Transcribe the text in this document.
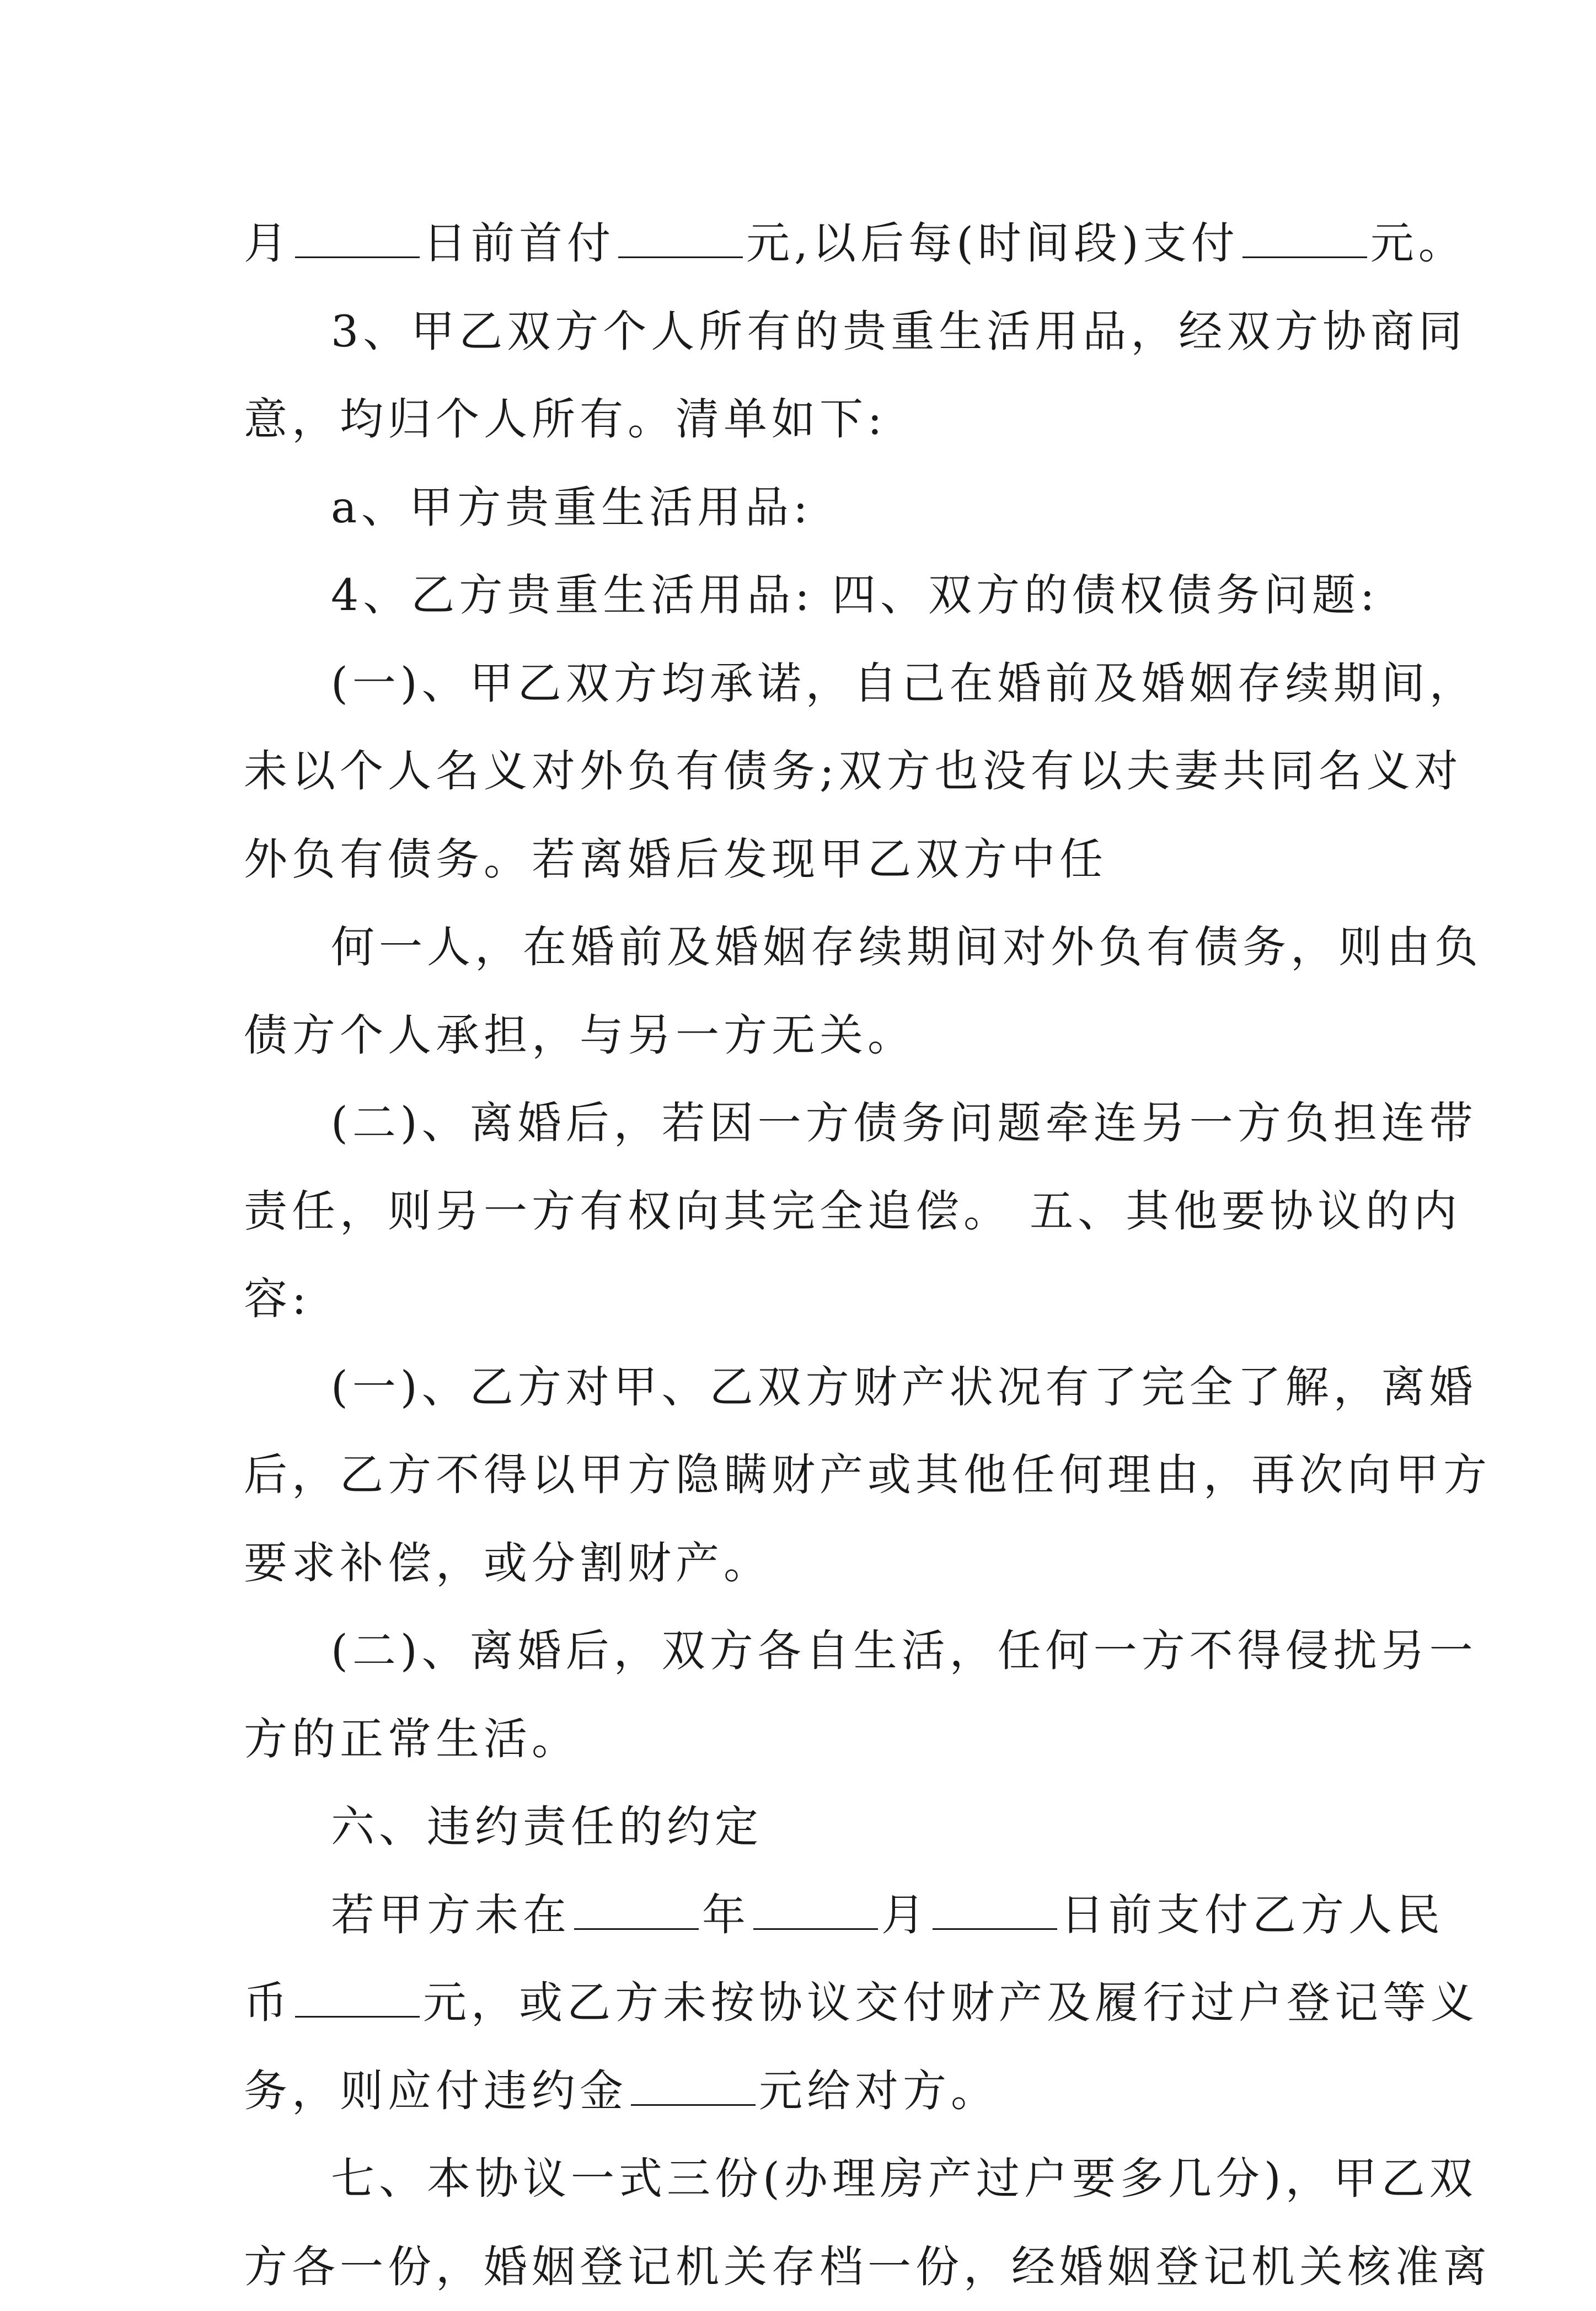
月	日前首付	元,以后每(时间段)支付	元。
3、甲乙双方个人所有的贵重生活用品，经双方协商同
意，均归个人所有。清单如下:
a、甲方贵重生活用品:
4、乙方贵重生活用品: 四、双方的债权债务问题:
(一)、甲乙双方均承诺，自己在婚前及婚姻存续期间，
未以个人名义对外负有债务;双方也没有以夫妻共同名义对
外负有债务。若离婚后发现甲乙双方中任
何一人，在婚前及婚姻存续期间对外负有债务，则由负
债方个人承担，与另一方无关。
(二)、离婚后，若因一方债务问题牵连另一方负担连带
责任，则另一方有权向其完全追偿。 五、其他要协议的内
容:
(一)、乙方对甲、乙双方财产状况有了完全了解，离婚
后，乙方不得以甲方隐瞒财产或其他任何理由，再次向甲方
要求补偿，或分割财产。
(二)、离婚后，双方各自生活，任何一方不得侵扰另一
方的正常生活。
六、违约责任的约定
若甲方未在	年	月	日前支付乙方人民
币	元，或乙方未按协议交付财产及履行过户登记等义
务，则应付违约金	元给对方。
七、本协议一式三份(办理房产过户要多几分)，甲乙双
方各一份，婚姻登记机关存档一份，经婚姻登记机关核准离
